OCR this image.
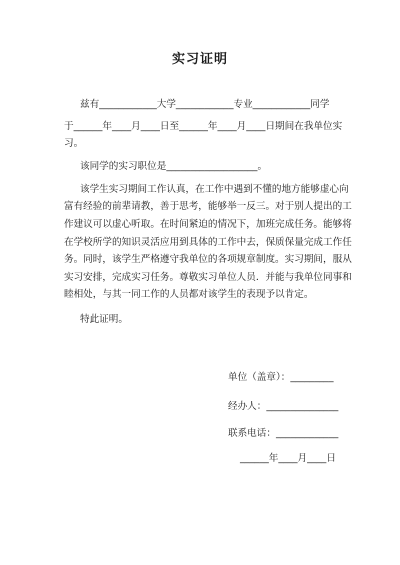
实习证明
兹有____________大学____________专业____________同学
于______年____月____日至______年____月____日期间在我单位实
习。
该同学的实习职位是___________________。
该学生实习期间工作认真，在工作中遇到不懂的地方能够虚心向
富有经验的前辈请教，善于思考，能够举一反三。对于别人提出的工
作建议可以虚心听取。在时间紧迫的情况下，加班完成任务。能够将
在学校所学的知识灵活应用到具体的工作中去，保质保量完成工作任
务。同时，该学生严格遵守我单位的各项规章制度。实习期间，服从
实习安排，完成实习任务。尊敬实习单位人员．并能与我单位同事和
睦相处，与其一同工作的人员都对该学生的表现予以肯定。
特此证明。
单位（盖章）：_________
经办人：_______________
联系电话：_____________
______年____月____日
